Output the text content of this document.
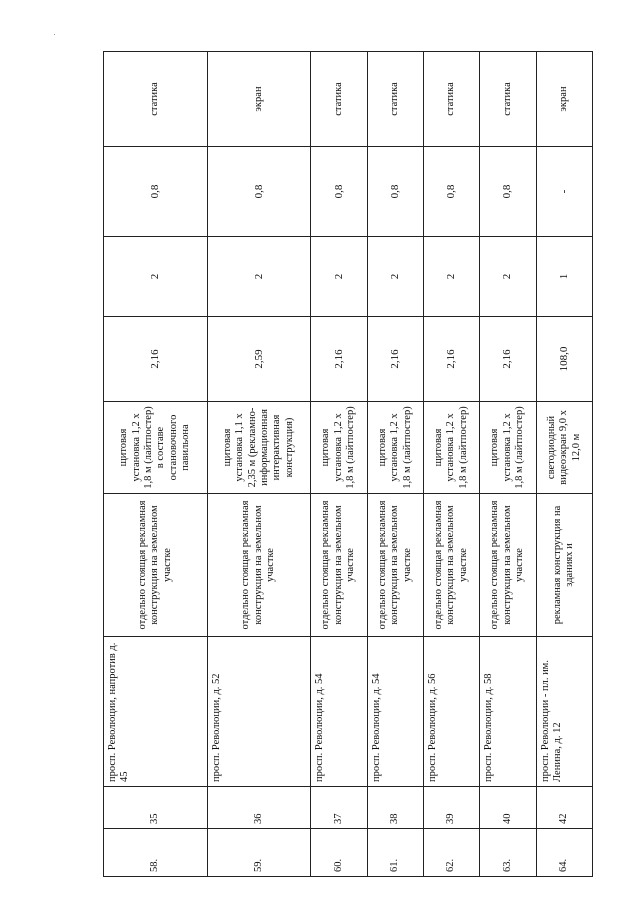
58.	35	просп. Революции, напротив д. 45	отдельно стоящая рекламная конструкция на земельном участке	щитовая установка 1,2 х 1,8 м (лайтпостер) в составе остановочного павильона	2,16	2	0,8	статика
59.	36	просп. Революции, д. 52	отдельно стоящая рекламная конструкция на земельном участке	щитовая установка 1,1 х 2,35 м (рекламно-информационная интерактивная конструкция)	2,59	2	0,8	экран
60.	37	просп. Революции, д. 54	отдельно стоящая рекламная конструкция на земельном участке	щитовая установка 1,2 х 1,8 м (лайтпостер)	2,16	2	0,8	статика
61.	38	просп. Революции, д. 54	отдельно стоящая рекламная конструкция на земельном участке	щитовая установка 1,2 х 1,8 м (лайтпостер)	2,16	2	0,8	статика
62.	39	просп. Революции, д. 56	отдельно стоящая рекламная конструкция на земельном участке	щитовая установка 1,2 х 1,8 м (лайтпостер)	2,16	2	0,8	статика
63.	40	просп. Революции, д. 58	отдельно стоящая рекламная конструкция на земельном участке	щитовая установка 1,2 х 1,8 м (лайтпостер)	2,16	2	0,8	статика
64.	42	просп. Революции - пл. им. Ленина, д. 12	рекламная конструкция на зданиях и	светодиодный видеоэкран 9,0 х 12,0 м	108,0	1	-	экран
